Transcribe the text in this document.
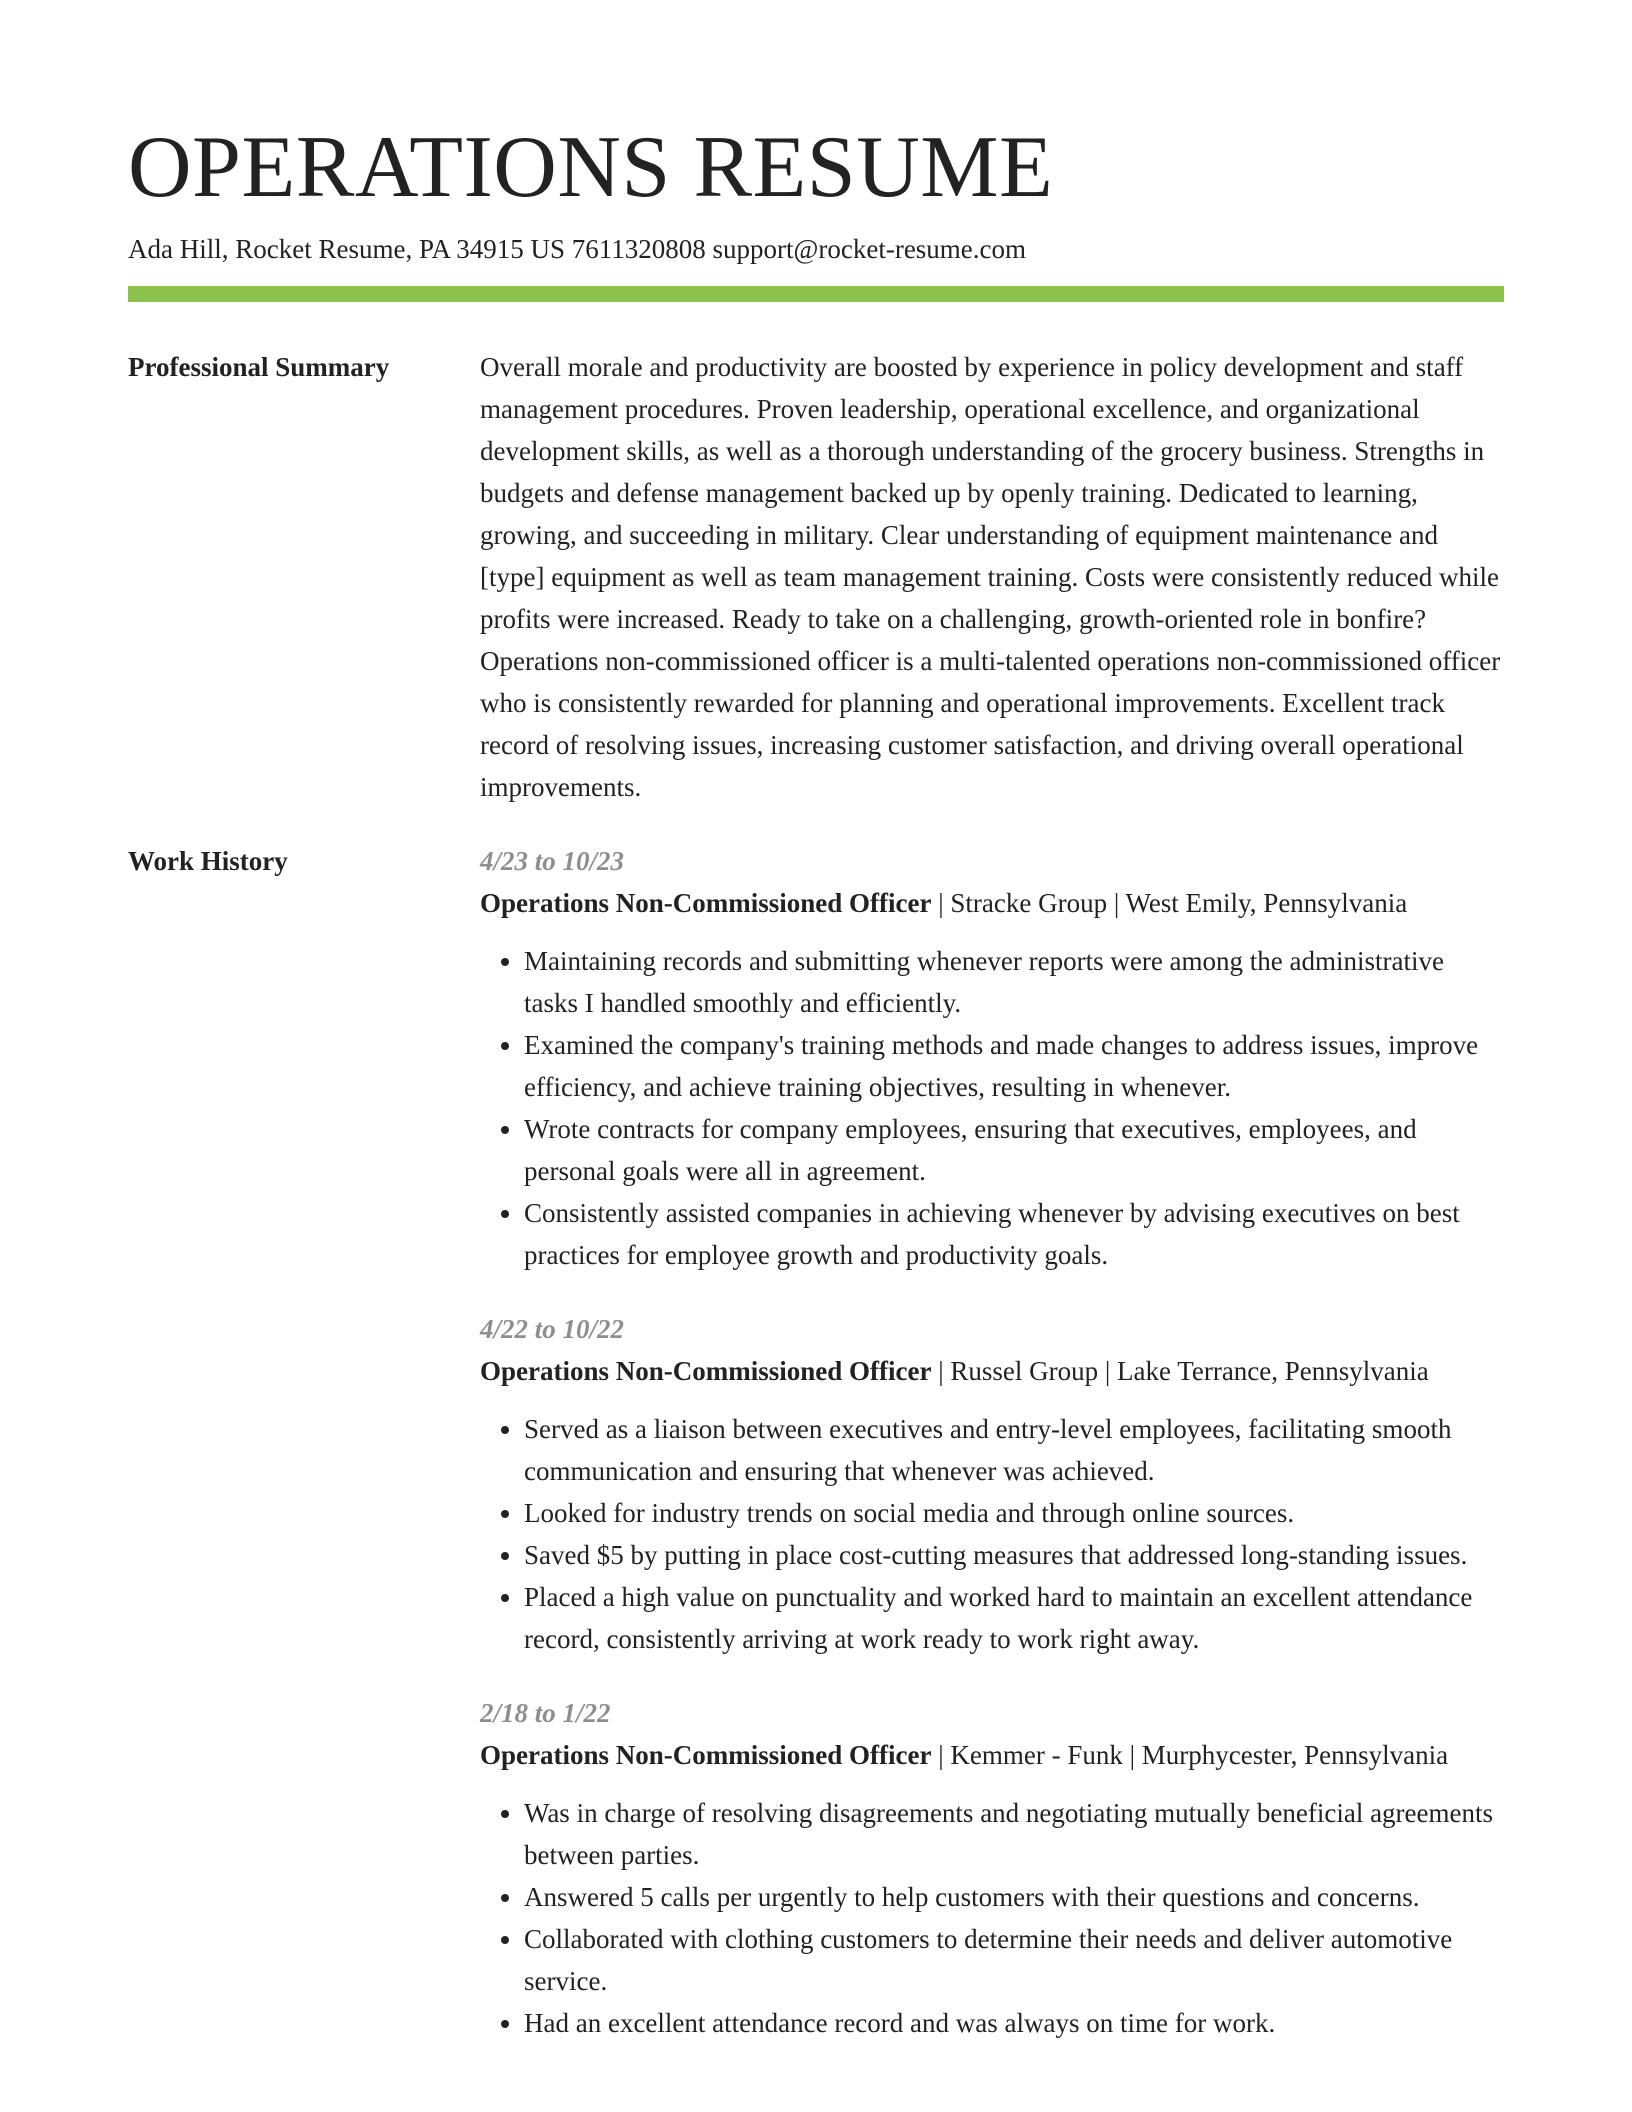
OPERATIONS RESUME
Ada Hill, Rocket Resume, PA 34915 US 7611320808 support@rocket-resume.com
Professional Summary	Overall morale and productivity are boosted by experience in policy development and staff management procedures. Proven leadership, operational excellence, and organizational development skills, as well as a thorough understanding of the grocery business. Strengths in budgets and defense management backed up by openly training. Dedicated to learning, growing, and succeeding in military. Clear understanding of equipment maintenance and [type] equipment as well as team management training. Costs were consistently reduced while profits were increased. Ready to take on a challenging, growth-oriented role in bonfire? Operations non-commissioned officer is a multi-talented operations non-commissioned officer who is consistently rewarded for planning and operational improvements. Excellent track record of resolving issues, increasing customer satisfaction, and driving overall operational improvements.

Work History	4/23 to 10/23
Operations Non-Commissioned Officer | Stracke Group | West Emily, Pennsylvania
• Maintaining records and submitting whenever reports were among the administrative tasks I handled smoothly and efficiently.
• Examined the company's training methods and made changes to address issues, improve efficiency, and achieve training objectives, resulting in whenever.
• Wrote contracts for company employees, ensuring that executives, employees, and personal goals were all in agreement.
• Consistently assisted companies in achieving whenever by advising executives on best practices for employee growth and productivity goals.
4/22 to 10/22
Operations Non-Commissioned Officer | Russel Group | Lake Terrance, Pennsylvania
• Served as a liaison between executives and entry-level employees, facilitating smooth communication and ensuring that whenever was achieved.
• Looked for industry trends on social media and through online sources.
• Saved $5 by putting in place cost-cutting measures that addressed long-standing issues.
• Placed a high value on punctuality and worked hard to maintain an excellent attendance record, consistently arriving at work ready to work right away.
2/18 to 1/22
Operations Non-Commissioned Officer | Kemmer - Funk | Murphycester, Pennsylvania
• Was in charge of resolving disagreements and negotiating mutually beneficial agreements between parties.
• Answered 5 calls per urgently to help customers with their questions and concerns.
• Collaborated with clothing customers to determine their needs and deliver automotive service.
• Had an excellent attendance record and was always on time for work.
